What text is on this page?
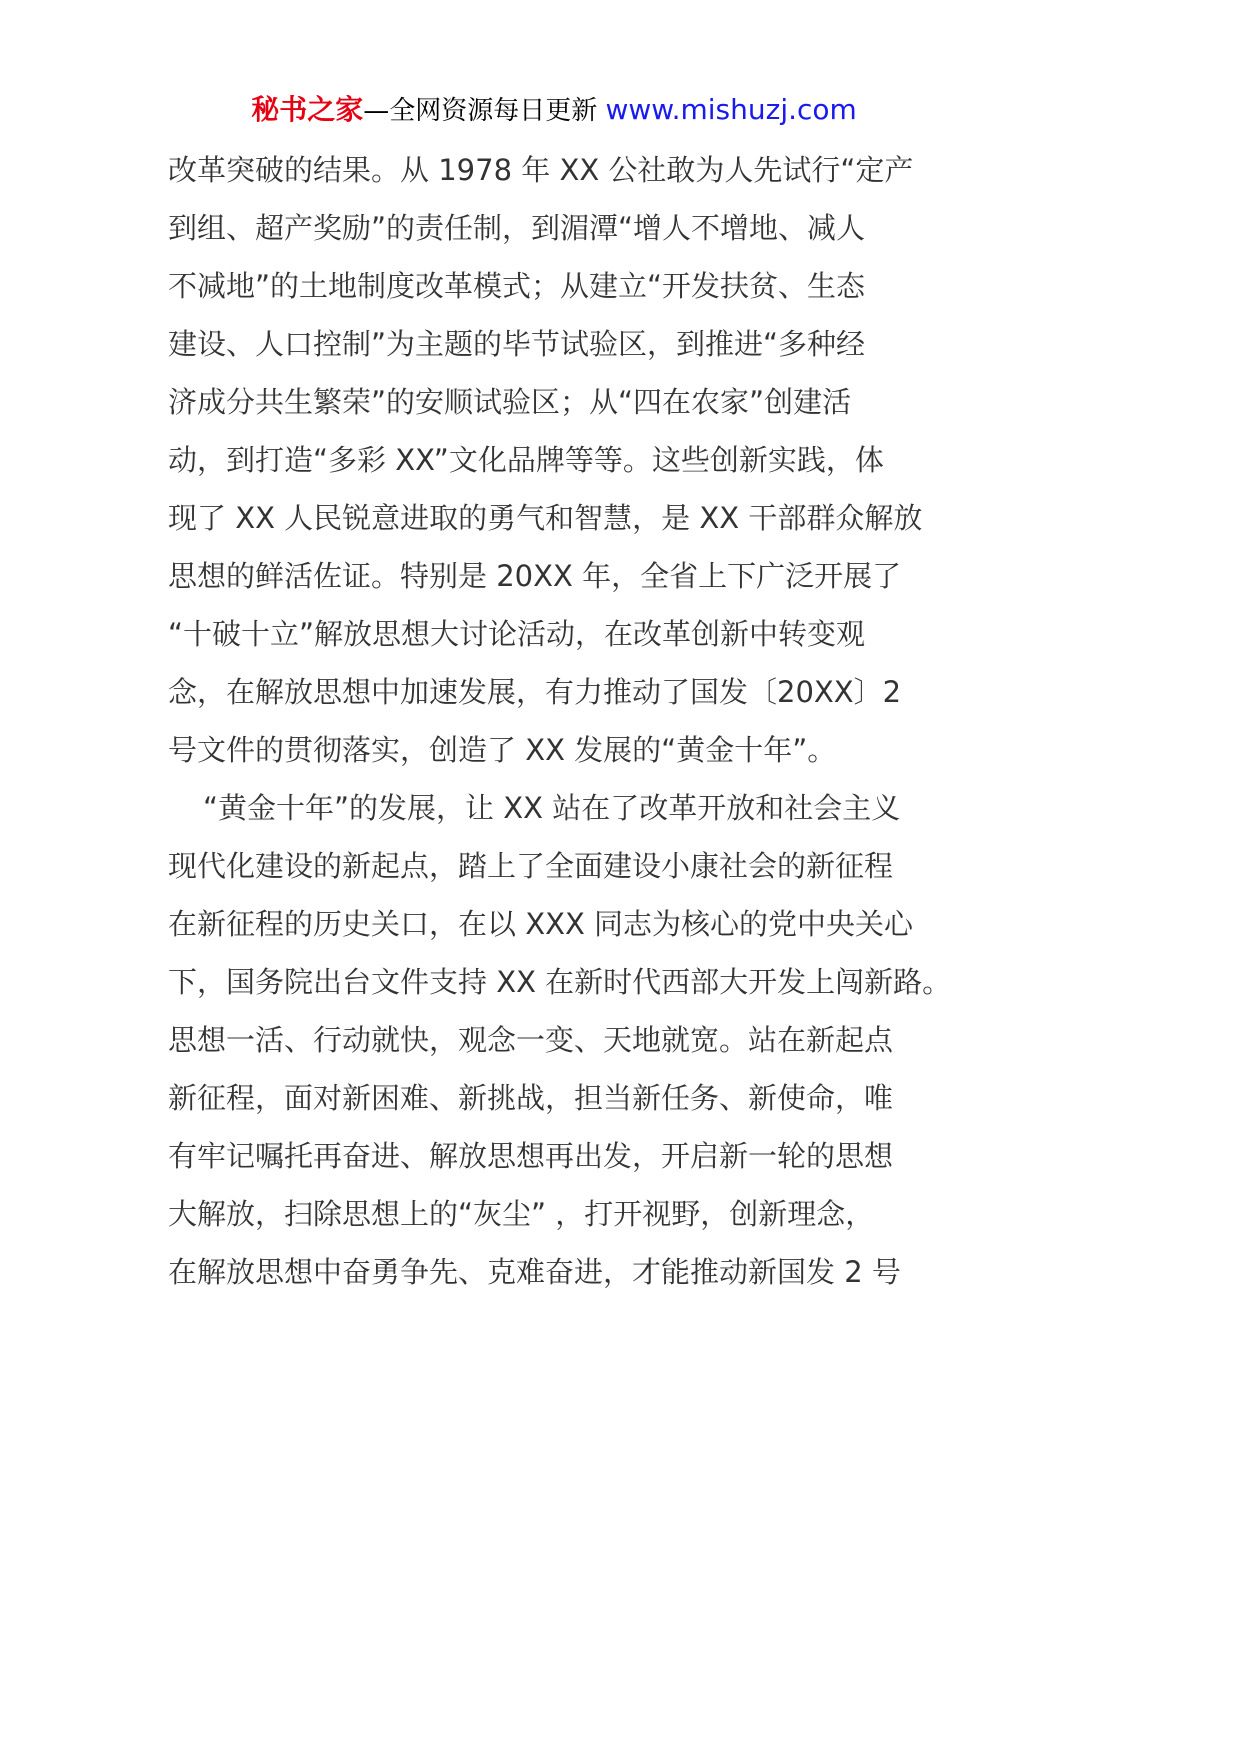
秘书之家—全网资源每日更新 www.mishuzj.com
改革突破的结果。从 1978 年 XX 公社敢为人先试行“定产
到组、超产奖励”的责任制，到湄潭“增人不增地、减人
不减地”的土地制度改革模式；从建立“开发扶贫、生态
建设、人口控制”为主题的毕节试验区，到推进“多种经
济成分共生繁荣”的安顺试验区；从“四在农家”创建活
动，到打造“多彩 XX”文化品牌等等。这些创新实践，体
现了 XX 人民锐意进取的勇气和智慧，是 XX 干部群众解放
思想的鲜活佐证。特别是 20XX 年，全省上下广泛开展了
“十破十立”解放思想大讨论活动，在改革创新中转变观
念，在解放思想中加速发展，有力推动了国发〔20XX〕2
号文件的贯彻落实，创造了 XX 发展的“黄金十年”。
“黄金十年”的发展，让 XX 站在了改革开放和社会主义
现代化建设的新起点，踏上了全面建设小康社会的新征程
在新征程的历史关口，在以 XXX 同志为核心的党中央关心
下，国务院出台文件支持 XX 在新时代西部大开发上闯新路。
思想一活、行动就快，观念一变、天地就宽。站在新起点
新征程，面对新困难、新挑战，担当新任务、新使命，唯
有牢记嘱托再奋进、解放思想再出发，开启新一轮的思想
大解放，扫除思想上的“灰尘” ，打开视野，创新理念，
在解放思想中奋勇争先、克难奋进，才能推动新国发 2 号
